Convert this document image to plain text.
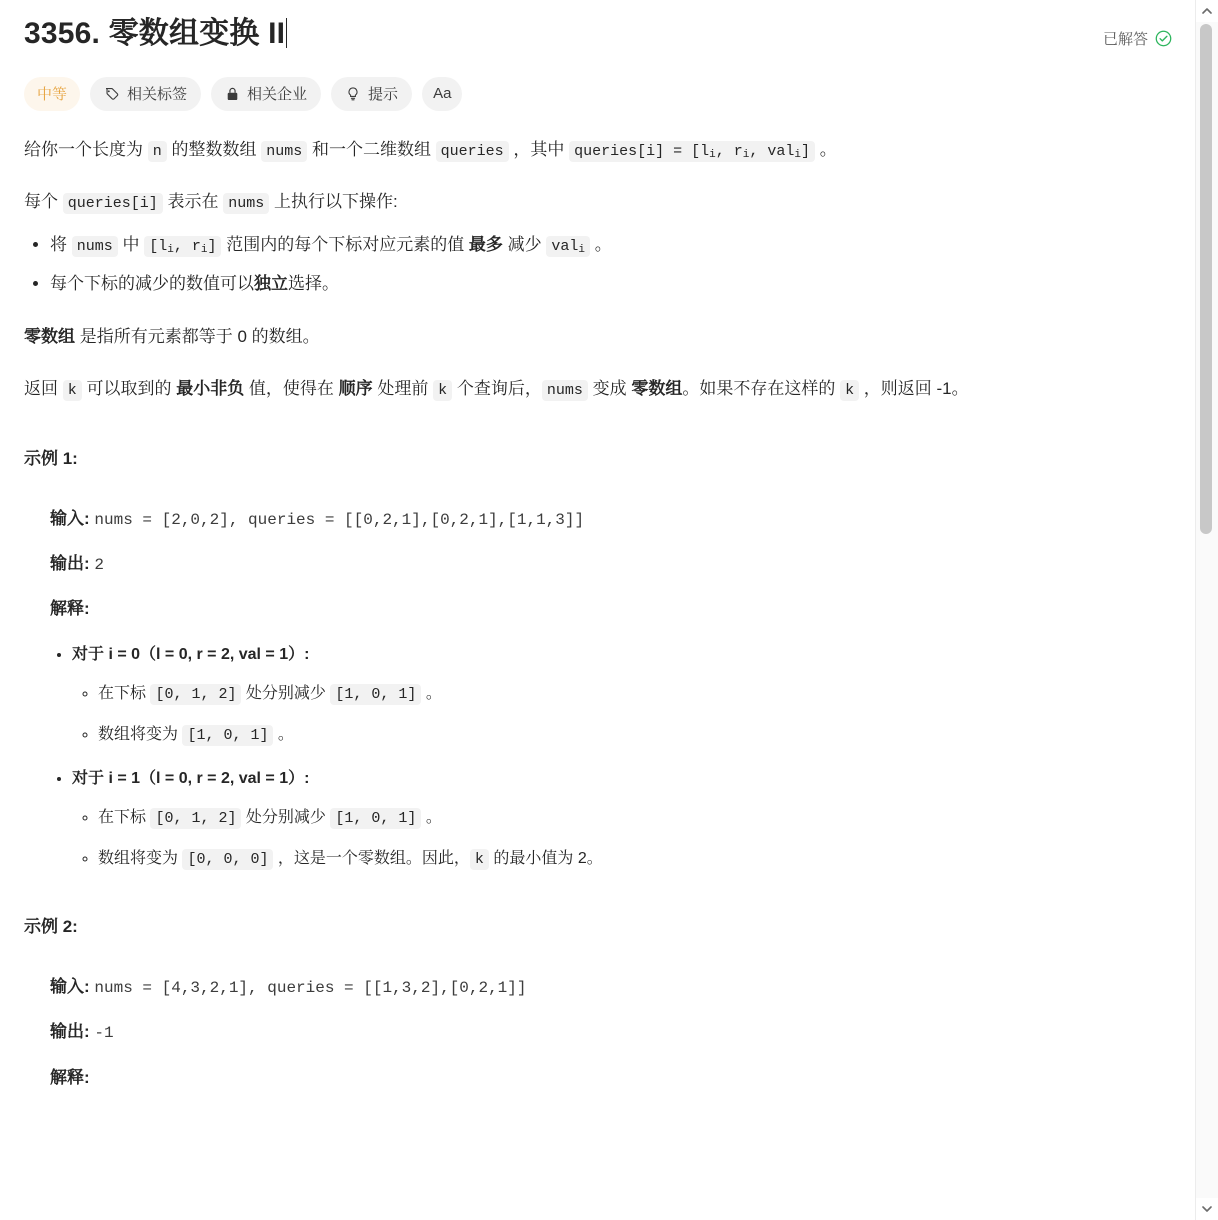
3356. 零数组变换 II	已解答
中等	相关标签	相关企业	提示 Aa

给你一个长度为 n 的整数数组 nums 和一个二维数组 queries ，其中 queries[i] = [li, ri, vali] 。

每个 queries[i] 表示在 nums 上执行以下操作:

• 将 nums 中 [li, ri] 范围内的每个下标对应元素的值 最多 减少 vali 。
• 每个下标的减少的数值可以独立选择。

零数组 是指所有元素都等于 0 的数组。

返回 k 可以取到的 最小非负 值，使得在 顺序 处理前 k 个查询后， nums 变成 零数组。如果不存在这样的 k ，则返回 -1。

示例 1:
输入: nums = [2,0,2], queries = [[0,2,1],[0,2,1],[1,1,3]]
输出: 2
解释:
• 对于 i = 0（l = 0, r = 2, val = 1）:
◦ 在下标 [0, 1, 2] 处分别减少 [1, 0, 1] 。
◦ 数组将变为 [1, 0, 1] 。
• 对于 i = 1（l = 0, r = 2, val = 1）:
◦ 在下标 [0, 1, 2] 处分别减少 [1, 0, 1] 。
◦ 数组将变为 [0, 0, 0] ，这是一个零数组。因此， k 的最小值为 2。
示例 2:
输入: nums = [4,3,2,1], queries = [[1,3,2],[0,2,1]]
输出: -1
解释:
